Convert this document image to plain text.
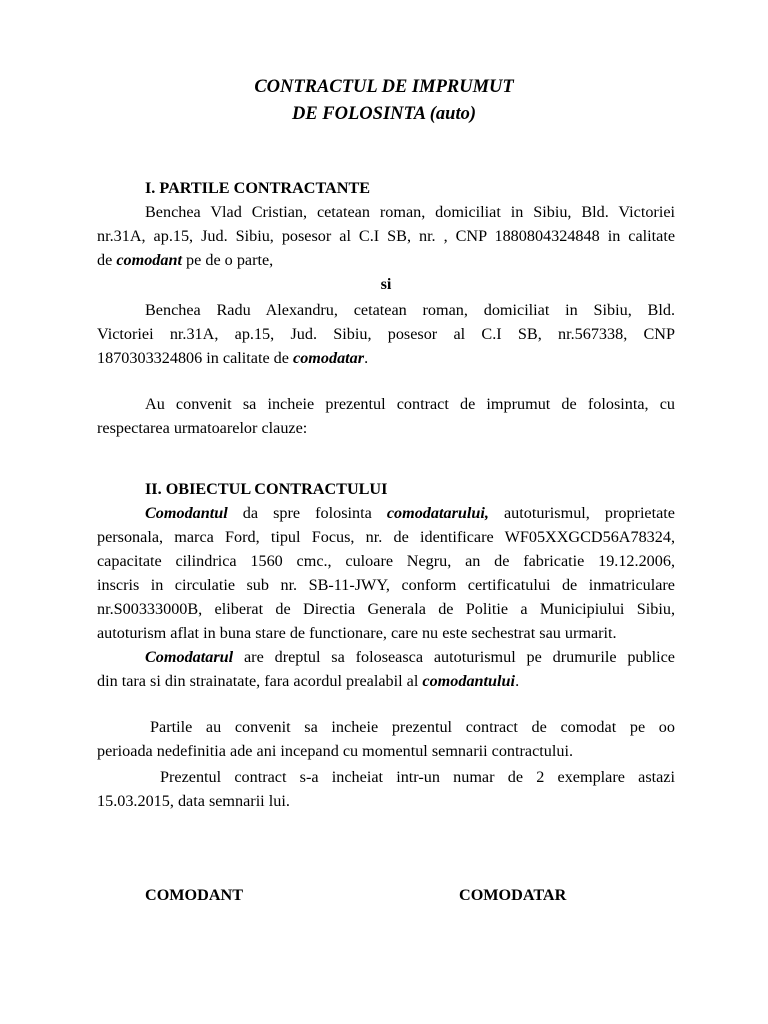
CONTRACTUL DE IMPRUMUT
DE FOLOSINTA (auto)
I. PARTILE CONTRACTANTE
Benchea Vlad Cristian, cetatean roman, domiciliat in Sibiu, Bld. Victoriei
nr.31A, ap.15, Jud. Sibiu, posesor al C.I SB, nr. , CNP 1880804324848 in calitate
de comodant pe de o parte,
si
Benchea Radu Alexandru, cetatean roman, domiciliat in Sibiu, Bld.
Victoriei nr.31A, ap.15, Jud. Sibiu, posesor al C.I SB, nr.567338, CNP
1870303324806 in calitate de comodatar.
Au convenit sa incheie prezentul contract de imprumut de folosinta, cu
respectarea urmatoarelor clauze:
II. OBIECTUL CONTRACTULUI
Comodantul da spre folosinta comodatarului, autoturismul, proprietate
personala, marca Ford, tipul Focus, nr. de identificare WF05XXGCD56A78324,
capacitate cilindrica 1560 cmc., culoare Negru, an de fabricatie 19.12.2006,
inscris in circulatie sub nr. SB-11-JWY, conform certificatului de inmatriculare
nr.S00333000B, eliberat de Directia Generala de Politie a Municipiului Sibiu,
autoturism aflat in buna stare de functionare, care nu este sechestrat sau urmarit.
Comodatarul are dreptul sa foloseasca autoturismul pe drumurile publice
din tara si din strainatate, fara acordul prealabil al comodantului.
Partile au convenit sa incheie prezentul contract de comodat pe oo
perioada nedefinitia ade ani incepand cu momentul semnarii contractului.
Prezentul contract s-a incheiat intr-un numar de 2 exemplare astazi
15.03.2015, data semnarii lui.
COMODANT	COMODATAR
